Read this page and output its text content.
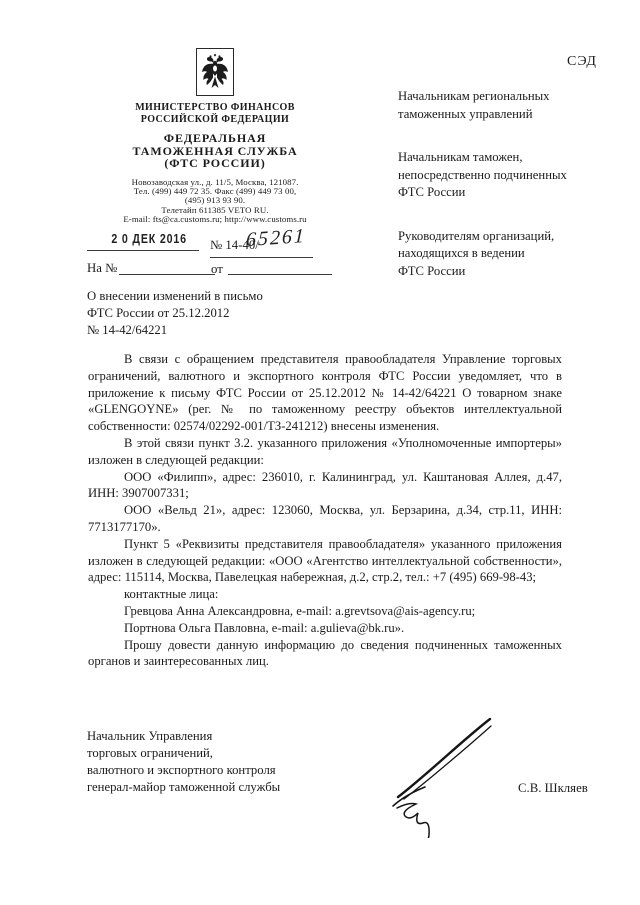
МИНИСТЕРСТВО ФИНАНСОВ
РОССИЙСКОЙ ФЕДЕРАЦИИ
ФЕДЕРАЛЬНАЯ
ТАМОЖЕННАЯ СЛУЖБА
(ФТС РОССИИ)
Новозаводская ул., д. 11/5, Москва, 121087.
Тел. (499) 449 72 35. Факс (499) 449 73 00,
(495) 913 93 90.
Телетайп 611385 VETO RU.
E-mail: fts@ca.customs.ru; http://www.customs.ru
2 0 ДЕК 2016	№ 14-40/
65261
На №	от
СЭД
Начальникам региональных
таможенных управлений
Начальникам таможен,
непосредственно подчиненных
ФТС России
Руководителям организаций,
находящихся в ведении
ФТС России
О внесении изменений в письмо
ФТС России от 25.12.2012
№ 14-42/64221

В связи с обращением представителя правообладателя Управление торговых ограничений, валютного и экспортного контроля ФТС России уведомляет, что в приложение к письму ФТС России от 25.12.2012 № 14-42/64221 О товарном знаке «GLENGOYNE» (рег. № по таможенному реестру объектов интеллектуальной собственности: 02574/02292-001/ТЗ-241212) внесены изменения.

В этой связи пункт 3.2. указанного приложения «Уполномоченные импортеры» изложен в следующей редакции:

ООО «Филипп», адрес: 236010, г. Калининград, ул. Каштановая Аллея, д.47, ИНН: 3907007331;

ООО «Вельд 21», адрес: 123060, Москва, ул. Берзарина, д.34, стр.11, ИНН: 7713177170».

Пункт 5 «Реквизиты представителя правообладателя» указанного приложения изложен в следующей редакции: «ООО «Агентство интеллектуальной собственности», адрес: 115114, Москва, Павелецкая набережная, д.2, стр.2, тел.: +7 (495) 669-98-43;

контактные лица:

Гревцова Анна Александровна, e-mail: a.grevtsova@ais-agency.ru;

Портнова Ольга Павловна, e-mail: a.gulieva@bk.ru».

Прошу довести данную информацию до сведения подчиненных таможенных органов и заинтересованных лиц.

Начальник Управления
торговых ограничений,
валютного и экспортного контроля
генерал-майор таможенной службы	С.В. Шкляев
